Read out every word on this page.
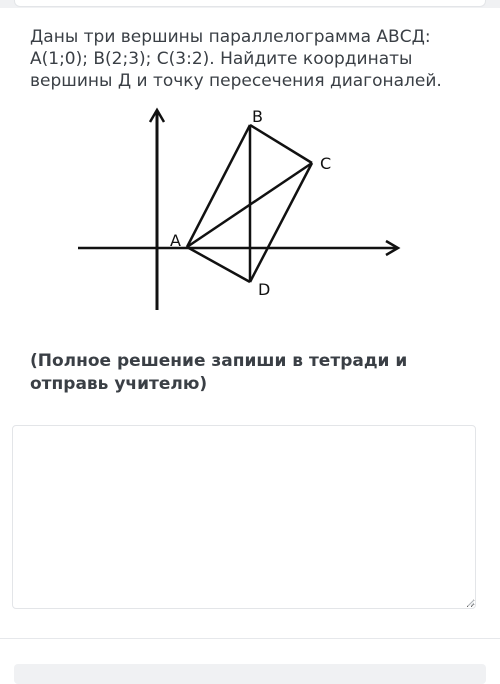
Даны три вершины параллелограмма АВСД: А(1;0); В(2;3); С(3:2). Найдите координаты вершины Д и точку пересечения диагоналей.
A
B
C
D
(Полное решение запиши в тетради и отправь учителю)
